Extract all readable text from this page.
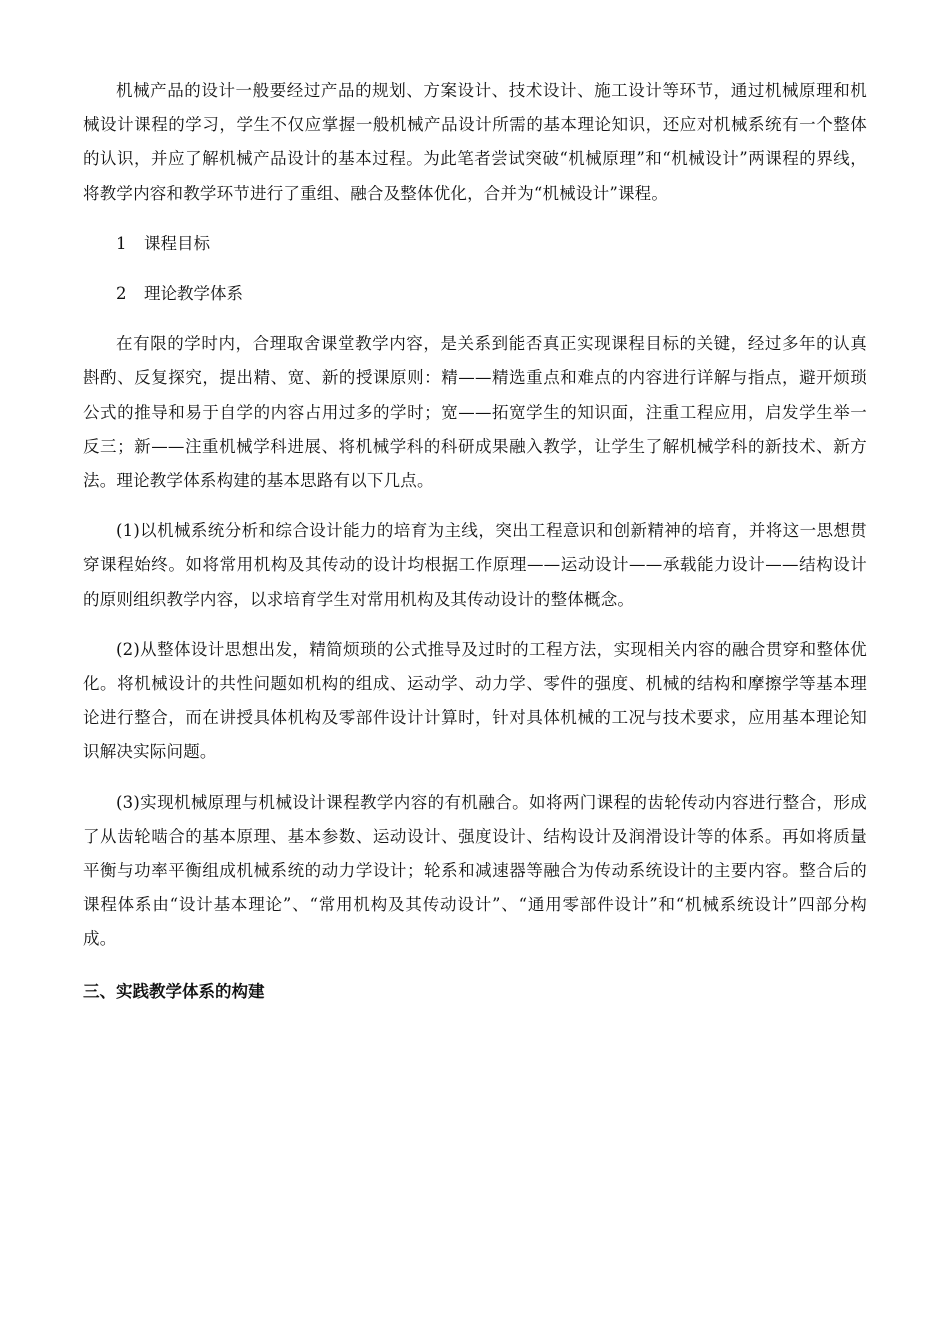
机械产品的设计一般要经过产品的规划、方案设计、技术设计、施工设计等环节，通过机械原理和机械设计课程的学习，学生不仅应掌握一般机械产品设计所需的基本理论知识，还应对机械系统有一个整体的认识，并应了解机械产品设计的基本过程。为此笔者尝试突破“机械原理”和“机械设计”两课程的界线，将教学内容和教学环节进行了重组、融合及整体优化，合并为“机械设计”课程。

1 课程目标

2 理论教学体系

在有限的学时内，合理取舍课堂教学内容，是关系到能否真正实现课程目标的关键，经过多年的认真斟酌、反复探究，提出精、宽、新的授课原则：精——精选重点和难点的内容进行详解与指点，避开烦琐公式的推导和易于自学的内容占用过多的学时；宽——拓宽学生的知识面，注重工程应用，启发学生举一反三；新——注重机械学科进展、将机械学科的科研成果融入教学，让学生了解机械学科的新技术、新方法。理论教学体系构建的基本思路有以下几点。

(1)以机械系统分析和综合设计能力的培育为主线，突出工程意识和创新精神的培育，并将这一思想贯穿课程始终。如将常用机构及其传动的设计均根据工作原理——运动设计——承载能力设计——结构设计的原则组织教学内容，以求培育学生对常用机构及其传动设计的整体概念。

(2)从整体设计思想出发，精简烦琐的公式推导及过时的工程方法，实现相关内容的融合贯穿和整体优化。将机械设计的共性问题如机构的组成、运动学、动力学、零件的强度、机械的结构和摩擦学等基本理论进行整合，而在讲授具体机构及零部件设计计算时，针对具体机械的工况与技术要求，应用基本理论知识解决实际问题。

(3)实现机械原理与机械设计课程教学内容的有机融合。如将两门课程的齿轮传动内容进行整合，形成了从齿轮啮合的基本原理、基本参数、运动设计、强度设计、结构设计及润滑设计等的体系。再如将质量平衡与功率平衡组成机械系统的动力学设计；轮系和减速器等融合为传动系统设计的主要内容。整合后的课程体系由“设计基本理论”、“常用机构及其传动设计”、“通用零部件设计”和“机械系统设计”四部分构成。

三、实践教学体系的构建
